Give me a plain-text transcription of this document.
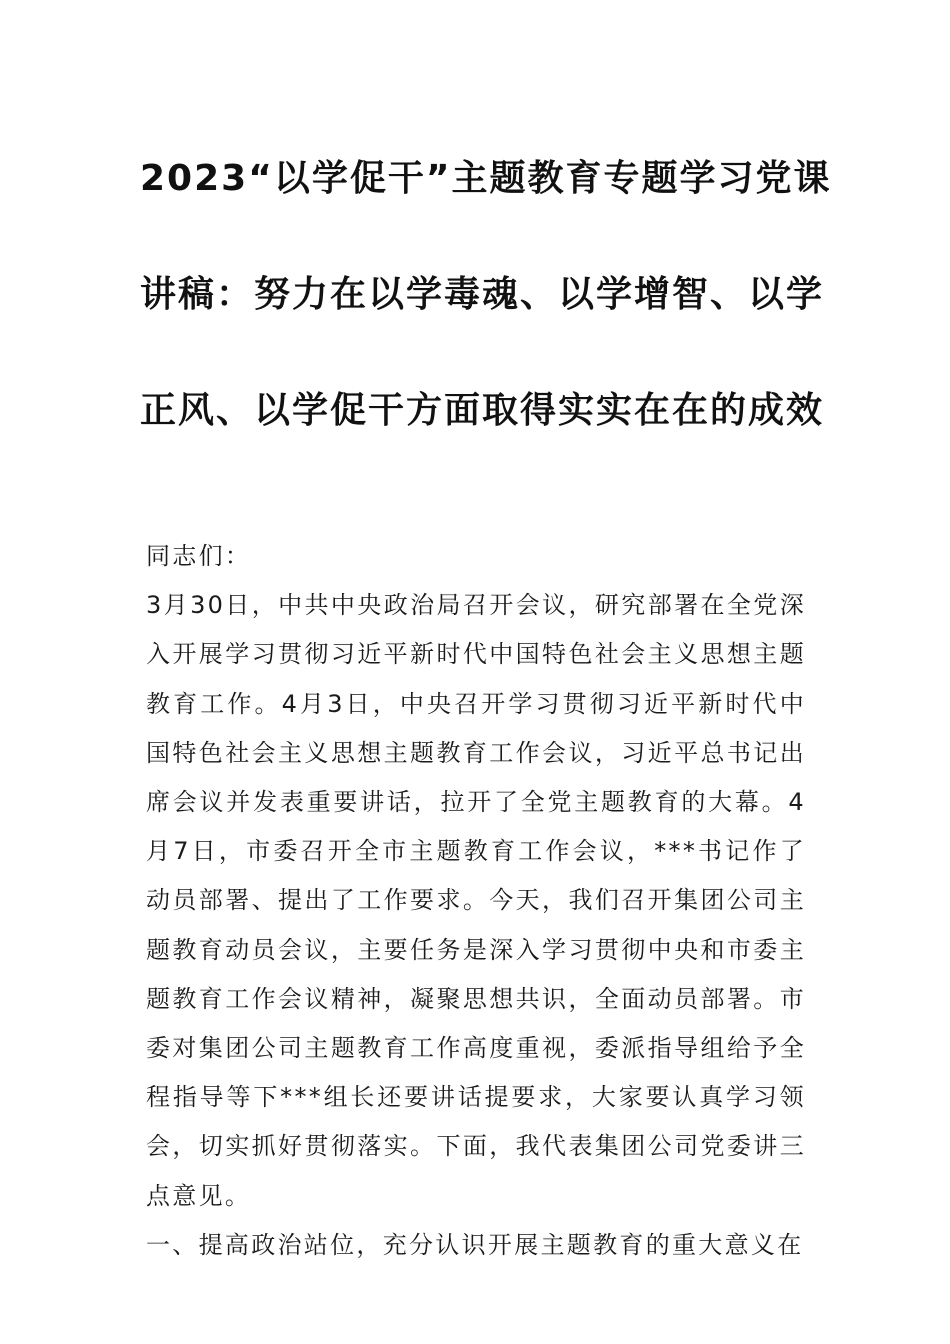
2023“以学促干”主题教育专题学习党课
讲稿：努力在以学毒魂、以学增智、以学
正风、以学促干方面取得实实在在的成效

同志们：

3月30日，中共中央政治局召开会议，研究部署在全党深入开展学习贯彻习近平新时代中国特色社会主义思想主题教育工作。4月3日，中央召开学习贯彻习近平新时代中国特色社会主义思想主题教育工作会议，习近平总书记出席会议并发表重要讲话，拉开了全党主题教育的大幕。4月7日，市委召开全市主题教育工作会议，***书记作了动员部署、提出了工作要求。今天，我们召开集团公司主题教育动员会议，主要任务是深入学习贯彻中央和市委主题教育工作会议精神，凝聚思想共识，全面动员部署。市委对集团公司主题教育工作高度重视，委派指导组给予全程指导等下***组长还要讲话提要求，大家要认真学习领会，切实抓好贯彻落实。下面，我代表集团公司党委讲三点意见。

一、提高政治站位，充分认识开展主题教育的重大意义在
